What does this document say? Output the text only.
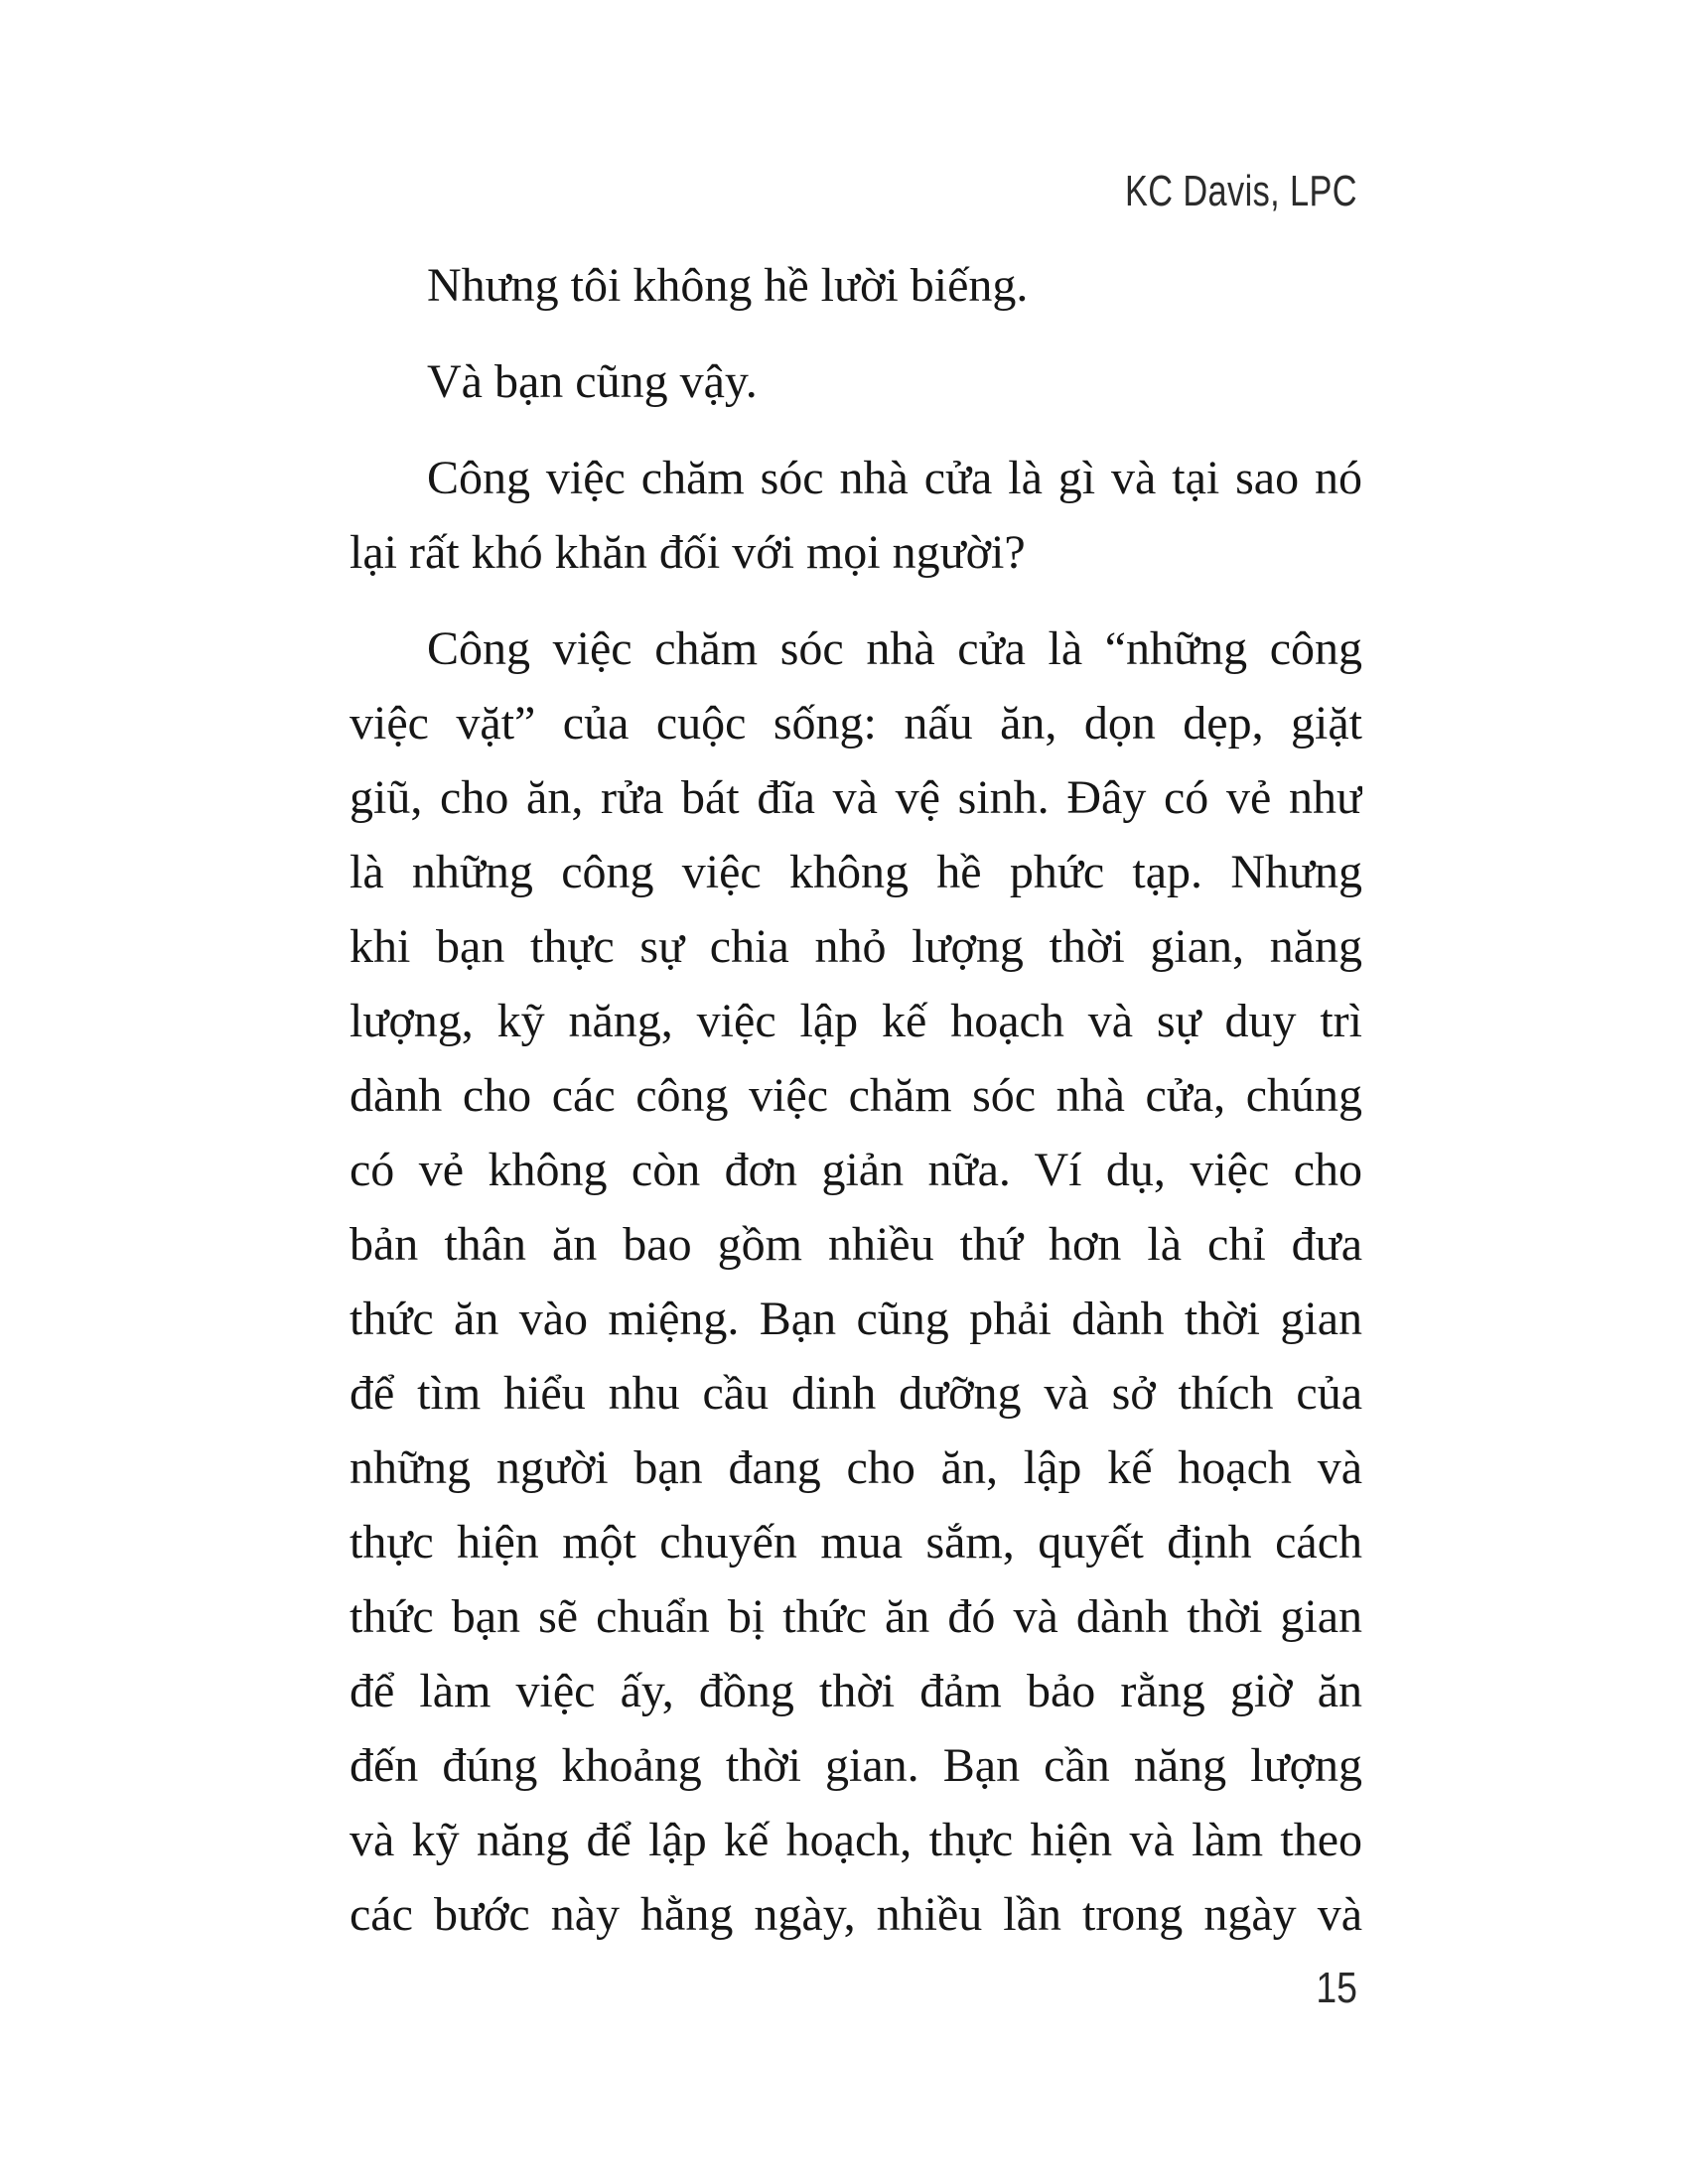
KC Davis, LPC

Nhưng tôi không hề lười biếng.

Và bạn cũng vậy.

Công việc chăm sóc nhà cửa là gì và tại sao nó
lại rất khó khăn đối với mọi người?

Công việc chăm sóc nhà cửa là “những công
việc vặt” của cuộc sống: nấu ăn, dọn dẹp, giặt
giũ, cho ăn, rửa bát đĩa và vệ sinh. Đây có vẻ như
là những công việc không hề phức tạp. Nhưng
khi bạn thực sự chia nhỏ lượng thời gian, năng
lượng, kỹ năng, việc lập kế hoạch và sự duy trì
dành cho các công việc chăm sóc nhà cửa, chúng
có vẻ không còn đơn giản nữa. Ví dụ, việc cho
bản thân ăn bao gồm nhiều thứ hơn là chỉ đưa
thức ăn vào miệng. Bạn cũng phải dành thời gian
để tìm hiểu nhu cầu dinh dưỡng và sở thích của
những người bạn đang cho ăn, lập kế hoạch và
thực hiện một chuyến mua sắm, quyết định cách
thức bạn sẽ chuẩn bị thức ăn đó và dành thời gian
để làm việc ấy, đồng thời đảm bảo rằng giờ ăn
đến đúng khoảng thời gian. Bạn cần năng lượng
và kỹ năng để lập kế hoạch, thực hiện và làm theo
các bước này hằng ngày, nhiều lần trong ngày và

15
